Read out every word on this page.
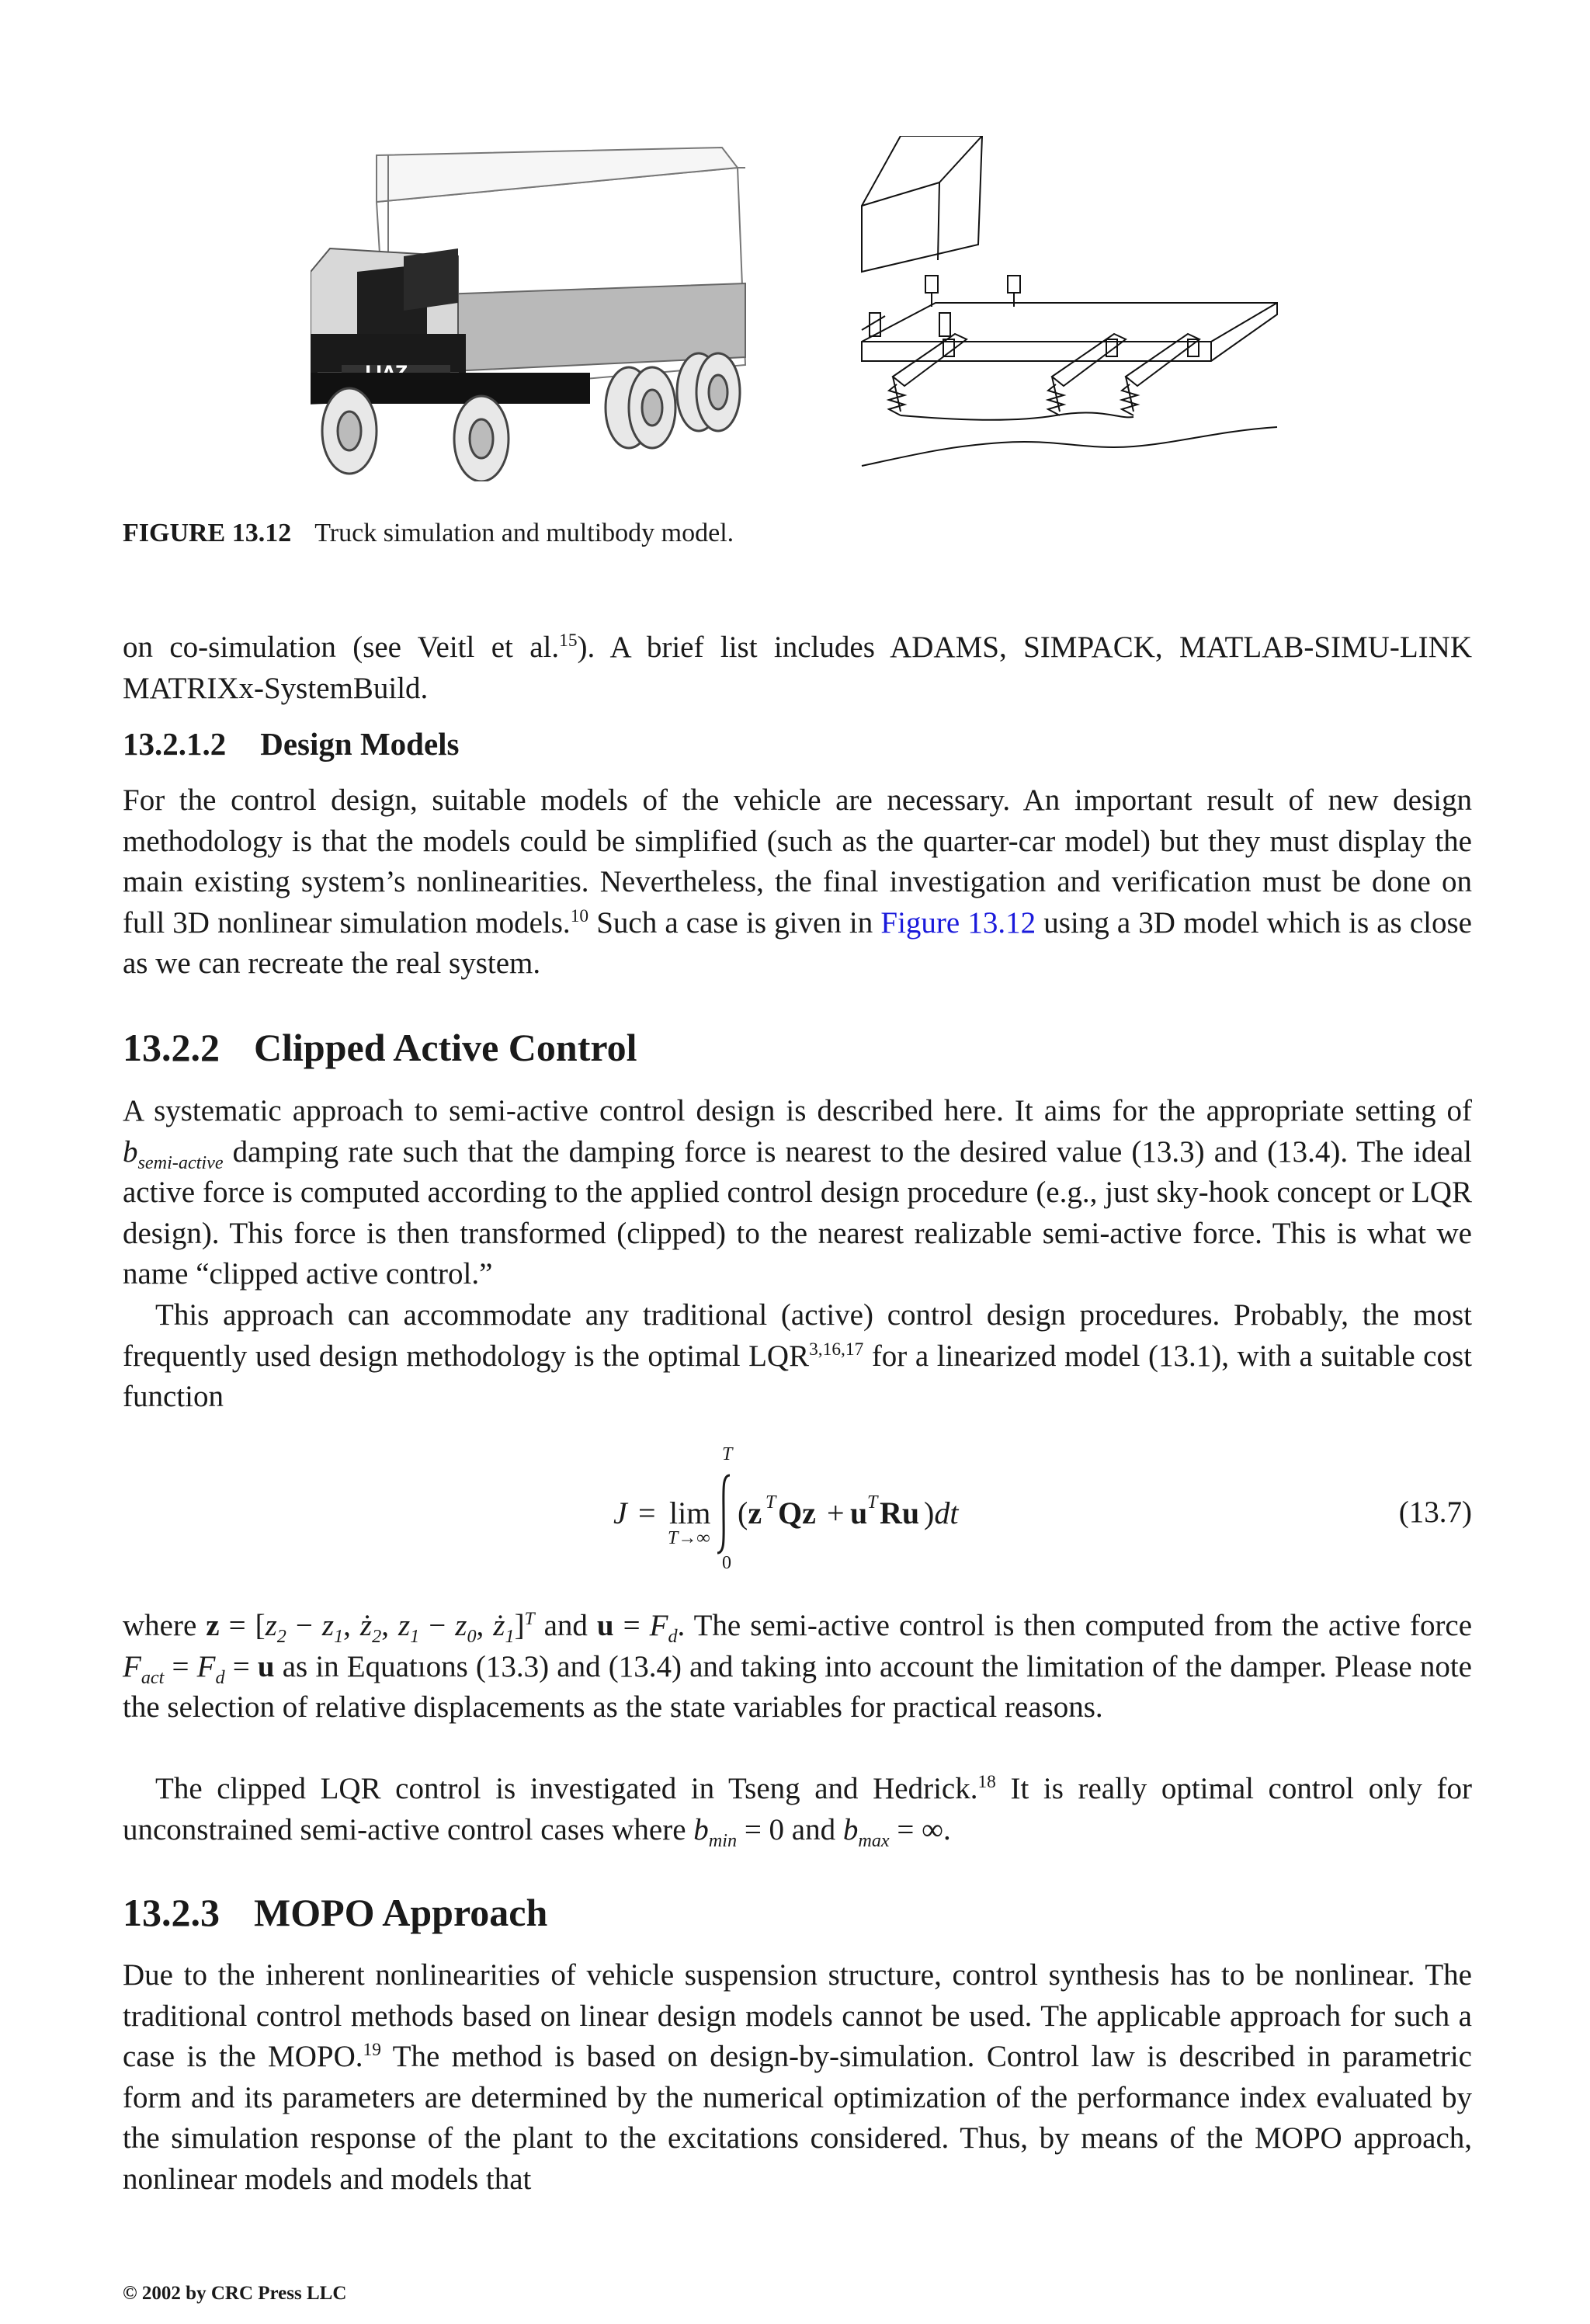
FIGURE 13.12 Truck simulation and multibody model.
on co-simulation (see Veitl et al.$^{15}$). A brief list includes ADAMS, SIMPACK, MATLAB-SIMU-LINK MATRIXx-SystemBuild.
13.2.1.2 Design Models
For the control design, suitable models of the vehicle are necessary. An important result of new design methodology is that the models could be simplified (such as the quarter-car model) but they must display the main existing system’s nonlinearities. Nevertheless, the final investigation and verification must be done on full 3D nonlinear simulation models.$^{10}$ Such a case is given in Figure 13.12 using a 3D model which is as close as we can recreate the real system.
13.2.2 Clipped Active Control
A systematic approach to semi-active control design is described here. It aims for the appropriate setting of $b_{semi-active}$ damping rate such that the damping force is nearest to the desired value (13.3) and (13.4). The ideal active force is computed according to the applied control design procedure (e.g., just sky-hook concept or LQR design). This force is then transformed (clipped) to the nearest realizable semi-active force. This is what we name “clipped active control.”
This approach can accommodate any traditional (active) control design procedures. Probably, the most frequently used design methodology is the optimal LQR$^{3,16,17}$ for a linearized model (13.1), with a suitable cost function
J = lim
T→∞
T
0
(z T Qz + u T Ru )dt	(13.7)
where $z = [z_2 - z_1$, $ż_2$, $z_1 - z_0$, $ż_1]^T$ and $u = F_d$. The semi-active control is then computed from the active force $F_{act} = F_d = u$ as in Equatıons (13.3) and (13.4) and taking into account the limitation of the damper. Please note the selection of relative displacements as the state variables for practical reasons.
The clipped LQR control is investigated in Tseng and Hedrick.$^{18}$ It is really optimal control only for unconstrained semi-active control cases where $b_{min} = 0$ and $b_{max}$ = ∞.
13.2.3 MOPO Approach
Due to the inherent nonlinearities of vehicle suspension structure, control synthesis has to be nonlinear. The traditional control methods based on linear design models cannot be used. The applicable approach for such a case is the MOPO.$^{19}$ The method is based on design-by-simulation. Control law is described in parametric form and its parameters are determined by the numerical optimization of the performance index evaluated by the simulation response of the plant to the excitations considered. Thus, by means of the MOPO approach, nonlinear models and models that
© 2002 by CRC Press LLC
